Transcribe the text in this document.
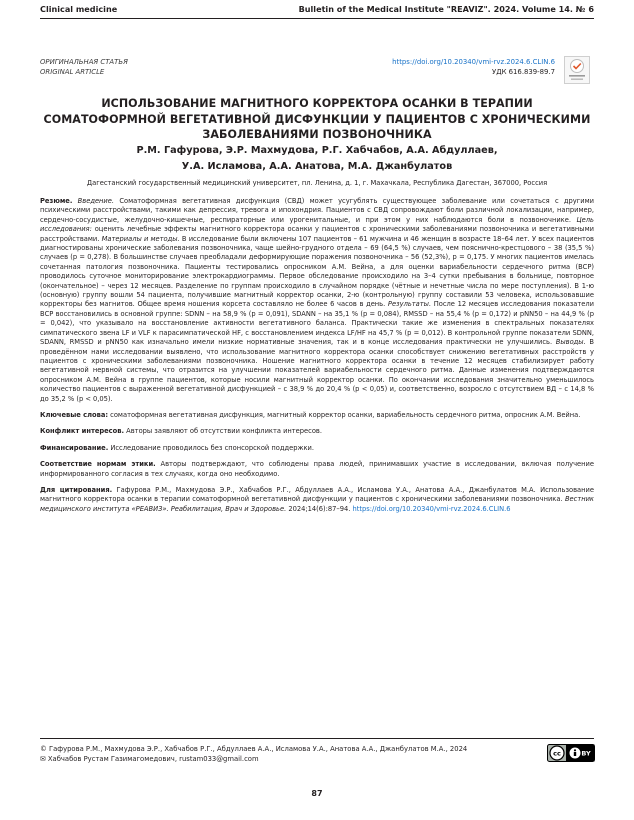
Clinical medicine	Bulletin of the Medical Institute "REAVIZ". 2024. Volume 14. № 6
ОРИГИНАЛЬНАЯ СТАТЬЯ
ORIGINAL ARTICLE
https://doi.org/10.20340/vmi-rvz.2024.6.CLIN.6
УДК 616.839-89.7
ИСПОЛЬЗОВАНИЕ МАГНИТНОГО КОРРЕКТОРА ОСАНКИ В ТЕРАПИИ СОМАТОФОРМНОЙ ВЕГЕТАТИВНОЙ ДИСФУНКЦИИ У ПАЦИЕНТОВ С ХРОНИЧЕСКИМИ ЗАБОЛЕВАНИЯМИ ПОЗВОНОЧНИКА
Р.М. Гафурова, Э.Р. Махмудова, Р.Г. Хабчабов, А.А. Абдуллаев,
У.А. Исламова, А.А. Анатова, М.А. Джанбулатов
Дагестанский государственный медицинский университет, пл. Ленина, д. 1, г. Махачкала, Республика Дагестан, 367000, Россия

Резюме. Введение. Соматоформная вегетативная дисфункция (СВД) может усугублять существующее заболевание или сочетаться с другими психическими расстройствами, такими как депрессия, тревога и ипохондрия. Пациентов с СВД сопровождают боли различной локализации, например, сердечно-сосудистые, желудочно-кишечные, респираторные или урогенитальные, и при этом у них наблюдаются боли в позвоночнике. Цель исследования: оценить лечебные эффекты магнитного корректора осанки у пациентов с хроническими заболеваниями позвоночника и вегетативными расстройствами. Материалы и методы. В исследование были включены 107 пациентов – 61 мужчина и 46 женщин в возрасте 18–64 лет. У всех пациентов диагностированы хронические заболевания позвоночника, чаще шейно-грудного отдела – 69 (64,5 %) случаев, чем пояснично-крестцового – 38 (35,5 %) случаев (p = 0,278). В большинстве случаев преобладали деформирующие поражения позвоночника – 56 (52,3%), p = 0,175. У многих пациентов имелась сочетанная патология позвоночника. Пациенты тестировались опросником А.М. Вейна, а для оценки вариабельности сердечного ритма (ВСР) проводилось суточное мониторирование электрокардиограммы. Первое обследование происходило на 3–4 сутки пребывания в больнице, повторное (окончательное) – через 12 месяцев. Разделение по группам происходило в случайном порядке (чётные и нечетные числа по мере поступления). В 1-ю (основную) группу вошли 54 пациента, получившие магнитный корректор осанки, 2-ю (контрольную) группу составили 53 человека, использовавшие корректоры без магнитов. Общее время ношения корсета составляло не более 6 часов в день. Результаты. После 12 месяцев исследования показатели ВСР восстановились в основной группе: SDNN – на 58,9 % (p = 0,091), SDANN – на 35,1 % (p = 0,084), RMSSD – на 55,4 % (p = 0,172) и pNN50 – на 44,9 % (p = 0,042), что указывало на восстановление активности вегетативного баланса. Практически такие же изменения в спектральных показателях симпатического звена LF и VLF к парасимпатической HF, с восстановлением индекса LF/HF на 45,7 % (p = 0,012). В контрольной группе показатели SDNN, SDANN, RMSSD и pNN50 как изначально имели низкие нормативные значения, так и в конце исследования практически не улучшились. Выводы. В проведённом нами исследовании выявлено, что использование магнитного корректора осанки способствует снижению вегетативных расстройств у пациентов с хроническими заболеваниями позвоночника. Ношение магнитного корректора осанки в течение 12 месяцев стабилизирует работу вегетативной нервной системы, что отразится на улучшении показателей вариабельности сердечного ритма. Данные изменения подтверждаются опросником А.М. Вейна в группе пациентов, которые носили магнитный корректор осанки. По окончании исследования значительно уменьшилось количество пациентов с выраженной вегетативной дисфункцией – с 38,9 % до 20,4 % (p < 0,05) и, соответственно, возросло с отсутствием ВД – с 14,8 % до 35,2 % (p < 0,05).

Ключевые слова: соматоформная вегетативная дисфункция, магнитный корректор осанки, вариабельность сердечного ритма, опросник А.М. Вейна.

Конфликт интересов. Авторы заявляют об отсутствии конфликта интересов.

Финансирование. Исследование проводилось без спонсорской поддержки.

Соответствие нормам этики. Авторы подтверждают, что соблюдены права людей, принимавших участие в исследовании, включая получение информированного согласия в тех случаях, когда оно необходимо.

Для цитирования. Гафурова Р.М., Махмудова Э.Р., Хабчабов Р.Г., Абдуллаев А.А., Исламова У.А., Анатова А.А., Джанбулатов М.А. Использование магнитного корректора осанки в терапии соматоформной вегетативной дисфункции у пациентов с хроническими заболеваниями позвоночника. Вестник медицинского института «РЕАВИЗ». Реабилитация, Врач и Здоровье. 2024;14(6):87–94. https://doi.org/10.20340/vmi-rvz.2024.6.CLIN.6

© Гафурова Р.М., Махмудова Э.Р., Хабчабов Р.Г., Абдуллаев А.А., Исламова У.А., Анатова А.А., Джанбулатов М.А., 2024
✉ Хабчабов Рустам Газимагомедович, rustam033@gmail.com
cc	BY
87
